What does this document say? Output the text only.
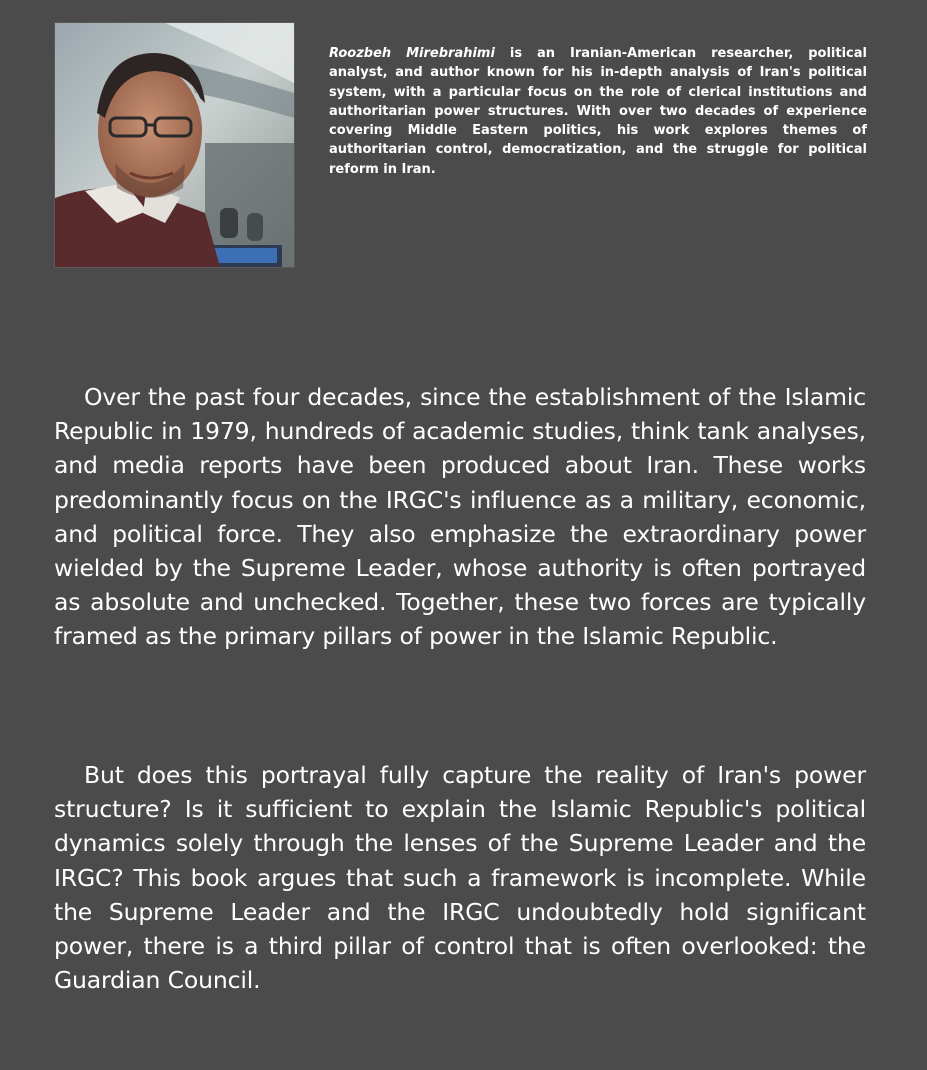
Roozbeh Mirebrahimi is an Iranian-American researcher, political analyst, and author known for his in-depth analysis of Iran's political system, with a particular focus on the role of clerical institutions and authoritarian power structures. With over two decades of experience covering Middle Eastern politics, his work explores themes of authoritarian control, democratization, and the struggle for political reform in Iran.

Over the past four decades, since the establishment of the Islamic Republic in 1979, hundreds of academic studies, think tank analyses, and media reports have been produced about Iran. These works predominantly focus on the IRGC's influence as a military, economic, and political force. They also emphasize the extraordinary power wielded by the Supreme Leader, whose authority is often portrayed as absolute and unchecked. Together, these two forces are typically framed as the primary pillars of power in the Islamic Republic.

But does this portrayal fully capture the reality of Iran's power structure? Is it sufficient to explain the Islamic Republic's political dynamics solely through the lenses of the Supreme Leader and the IRGC? This book argues that such a framework is incomplete. While the Supreme Leader and the IRGC undoubtedly hold significant power, there is a third pillar of control that is often overlooked: the Guardian Council.
